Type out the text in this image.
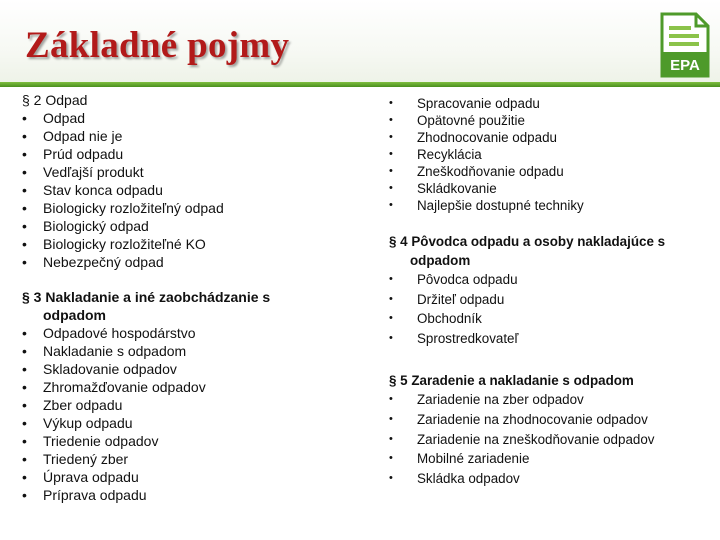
Základné pojmy	EPA
§ 2 Odpad
•	Odpad
•	Odpad nie je
•	Prúd odpadu
•	Vedľajší produkt
•	Stav konca odpadu
•	Biologicky rozložiteľný odpad
•	Biologický odpad
•	Biologicky rozložiteľné KO
•	Nebezpečný odpad
§ 3 Nakladanie a iné zaobchádzanie s
odpadom
•	Odpadové hospodárstvo
•	Nakladanie s odpadom
•	Skladovanie odpadov
•	Zhromažďovanie odpadov
•	Zber odpadu
•	Výkup odpadu
•	Triedenie odpadov
•	Triedený zber
•	Úprava odpadu
•	Príprava odpadu
•	Spracovanie odpadu
•	Opätovné použitie
•	Zhodnocovanie odpadu
•	Recyklácia
•	Zneškodňovanie odpadu
•	Skládkovanie
•	Najlepšie dostupné techniky
§ 4 Pôvodca odpadu a osoby nakladajúce s
odpadom
•	Pôvodca odpadu
•	Držiteľ odpadu
•	Obchodník
•	Sprostredkovateľ
§ 5 Zaradenie a nakladanie s odpadom
•	Zariadenie na zber odpadov
•	Zariadenie na zhodnocovanie odpadov
•	Zariadenie na zneškodňovanie odpadov
•	Mobilné zariadenie
•	Skládka odpadov
